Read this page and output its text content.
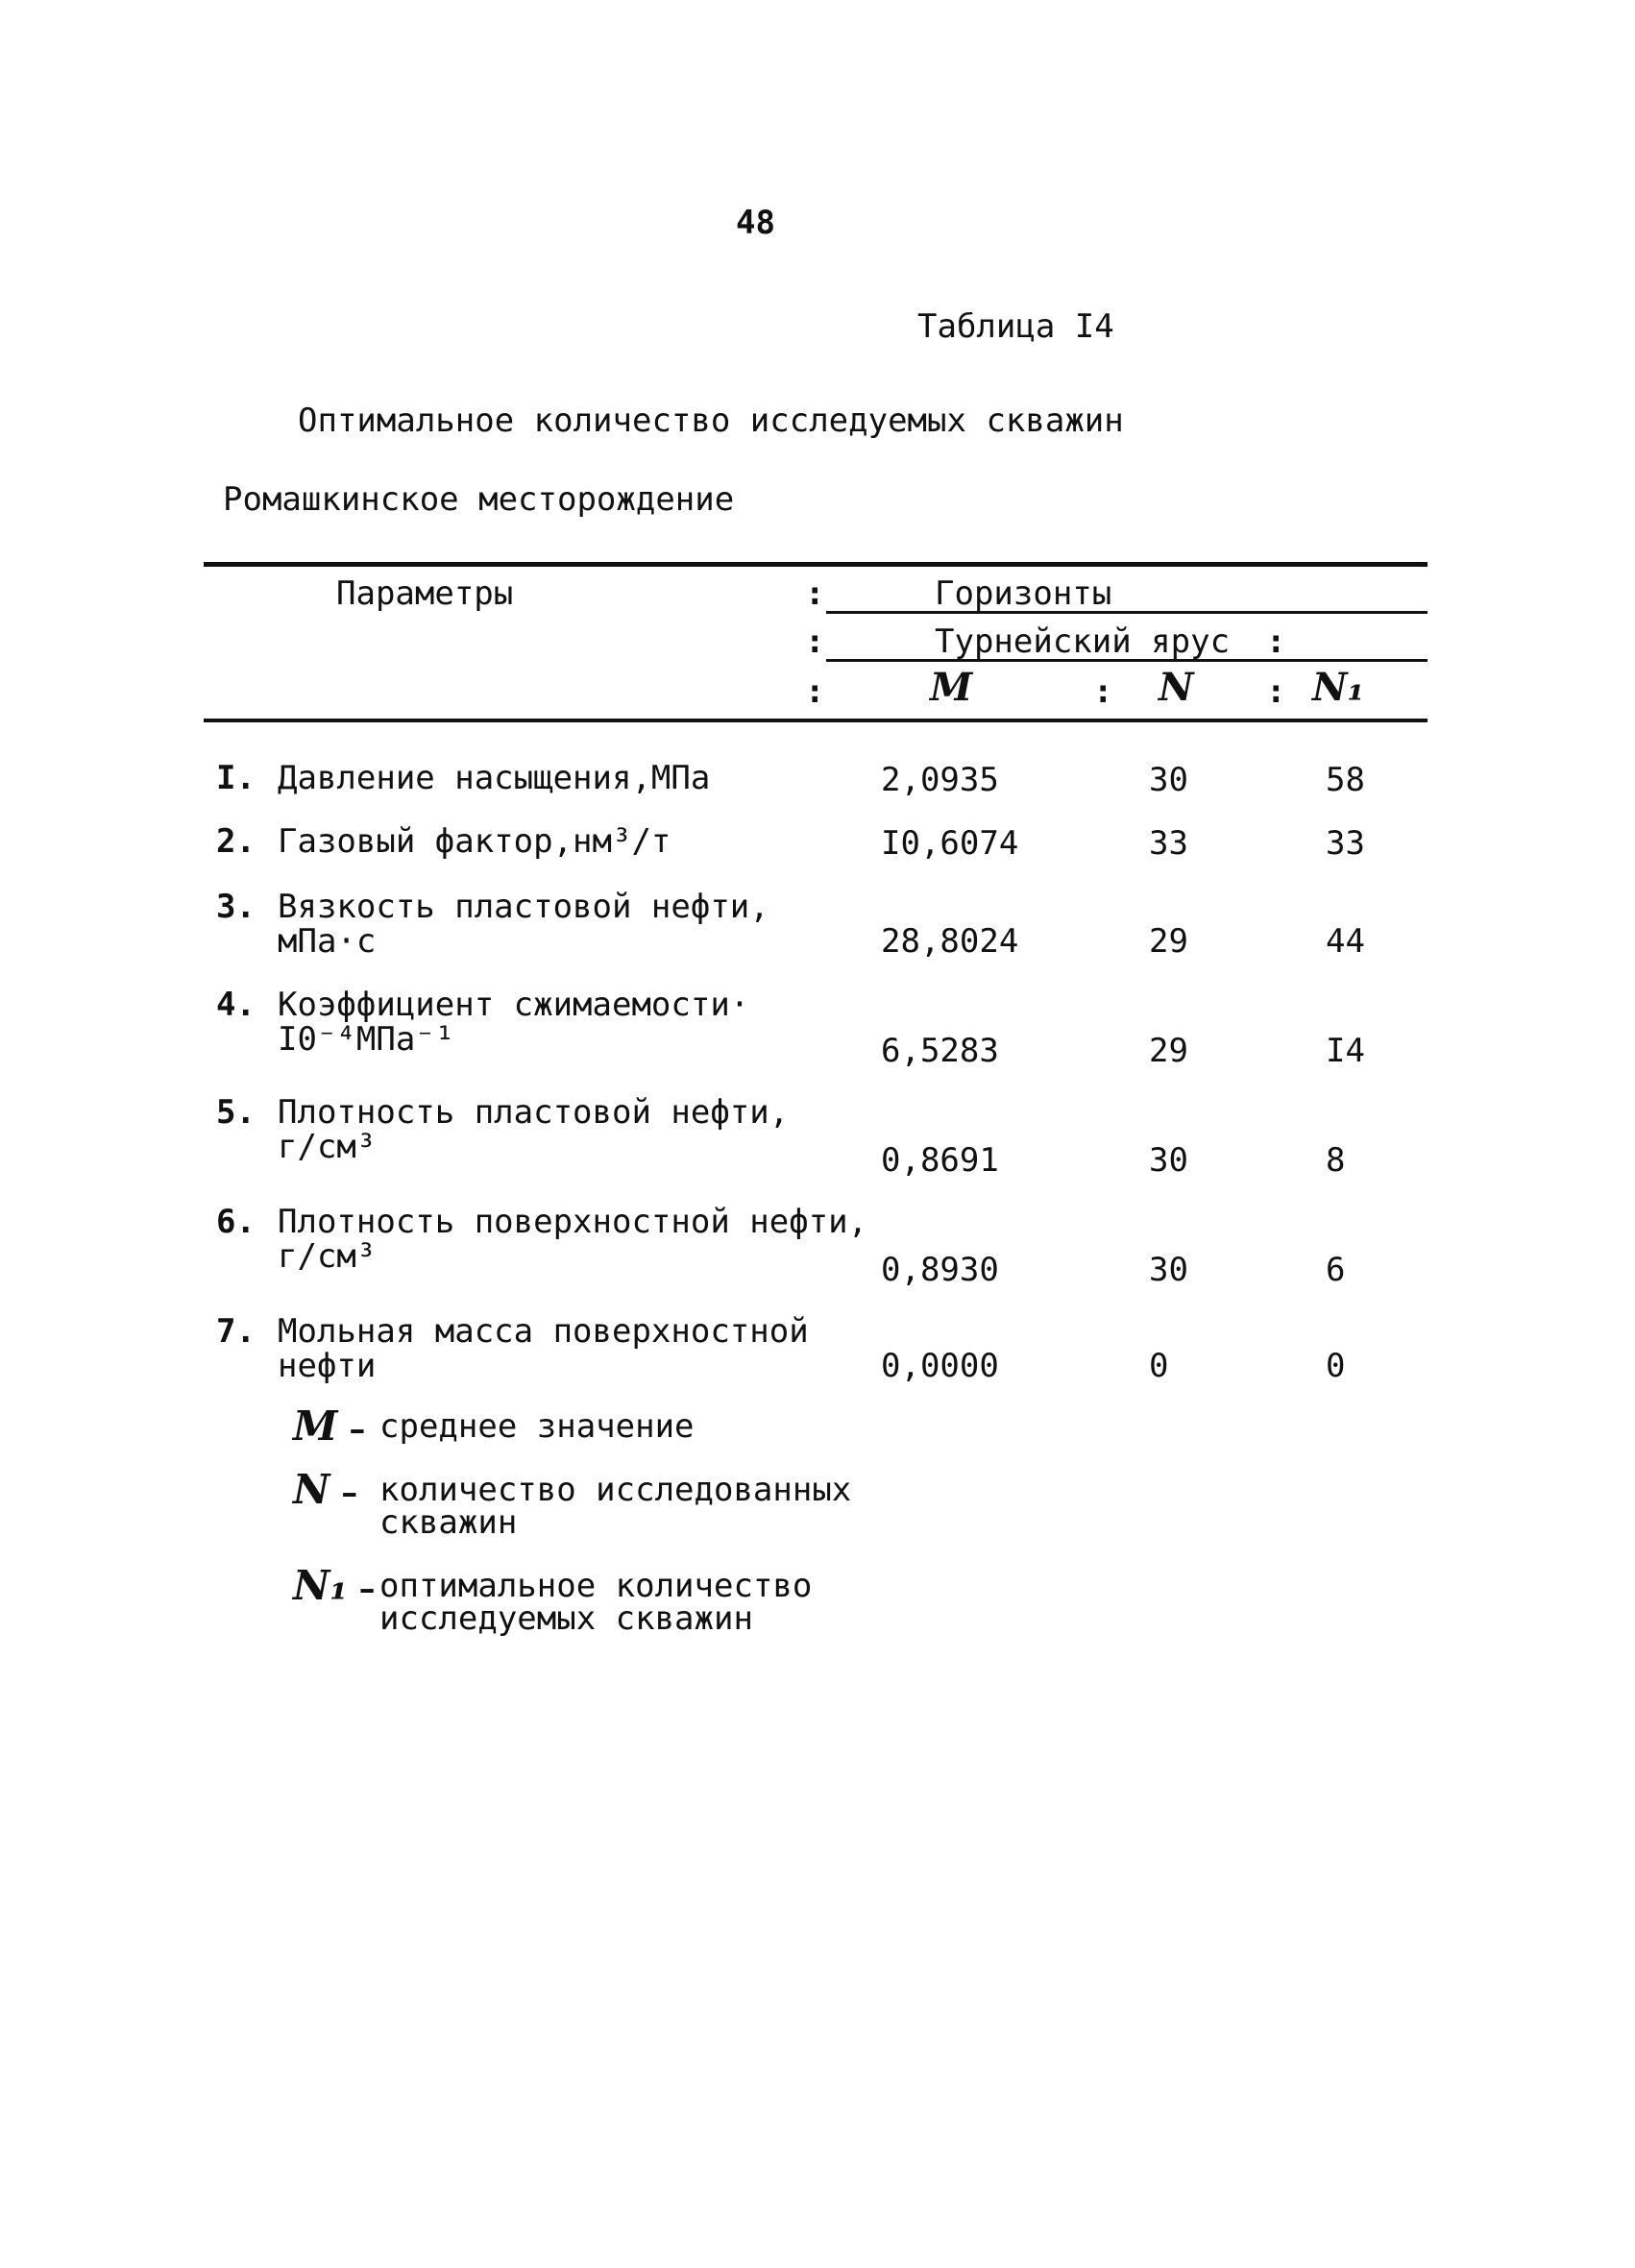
48
Таблица I4
Оптимальное количество исследуемых скважин
Ромашкинское месторождение
Параметры	:	Горизонты
:	Турнейский ярус :
:	M	: N : N₁
I. Давление насыщения,МПа	2,0935	30	58
2. Газовый фактор,нм³/т	I0,6074	33	33
3. Вязкость пластовой нефти, мПа·с	28,8024	29	44
4. Коэффициент сжимаемости· I0⁻⁴МПа⁻¹	6,5283	29	I4
5. Плотность пластовой нефти, г/см³	0,8691	30	8
6. Плотность поверхностной нефти, г/см³	0,8930	30	6
7. Мольная масса поверхностной нефти	0,0000	0	0
M – среднее значение
N – количество исследованных скважин
N₁ – оптимальное количество исследуемых скважин
